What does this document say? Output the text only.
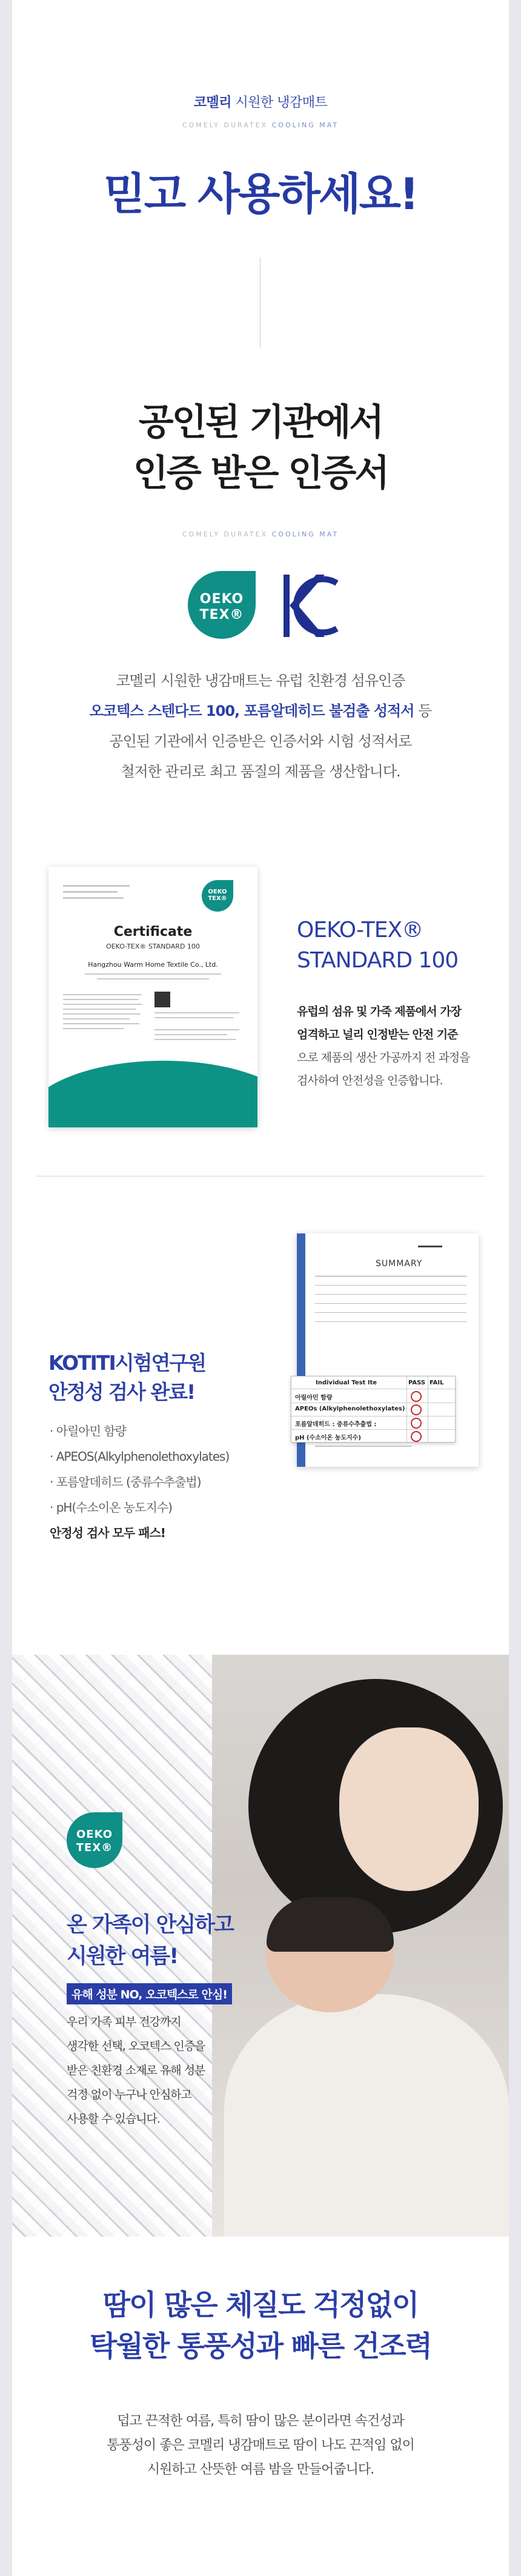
코멜리 시원한 냉감매트
COMELY DURATEX COOLING MAT
믿고 사용하세요!
공인된 기관에서
인증 받은 인증서
COMELY DURATEX COOLING MAT
OEKO
TEX®
KC
코멜리 시원한 냉감매트는 유럽 친환경 섬유인증
오코텍스 스텐다드 100, 포름알데히드 불검출 성적서 등
공인된 기관에서 인증받은 인증서와 시험 성적서로
철저한 관리로 최고 품질의 제품을 생산합니다.
OEKO
TEX®
Certificate
OEKO-TEX® STANDARD 100
Hangzhou Warm Home Textile Co., Ltd.
OEKO-TEX®
STANDARD 100
유럽의 섬유 및 가죽 제품에서 가장
엄격하고 널리 인정받는 안전 기준
으로 제품의 생산 가공까지 전 과정을
검사하여 안전성을 인증합니다.
KOTITI시험연구원
안정성 검사 완료!
· 아릴아민 함량
· APEOS(Alkylphenolethoxylates)
· 포름알데히드 (중류수추출법)
· pH(수소이온 농도지수)
안정성 검사 모두 패스!
SUMMARY
Individual Test Ite	PASS FAIL
아릴아민 함량
APEOs (Alkylphenolethoxylates)
포름알데히드 : 증류수추출법 :
pH (수소이온 농도지수)
OEKO
TEX®
온 가족이 안심하고
시원한 여름!
유해 성분 NO, 오코텍스로 안심!
우리 가족 피부 건강까지
생각한 선택, 오코텍스 인증을
받은 친환경 소재로 유해 성분
걱정 없이 누구나 안심하고
사용할 수 있습니다.
땀이 많은 체질도 걱정없이
탁월한 통풍성과 빠른 건조력
덥고 끈적한 여름, 특히 땀이 많은 분이라면 속건성과
통풍성이 좋은 코멜리 냉감매트로 땀이 나도 끈적임 없이
시원하고 산뜻한 여름 밤을 만들어줍니다.
